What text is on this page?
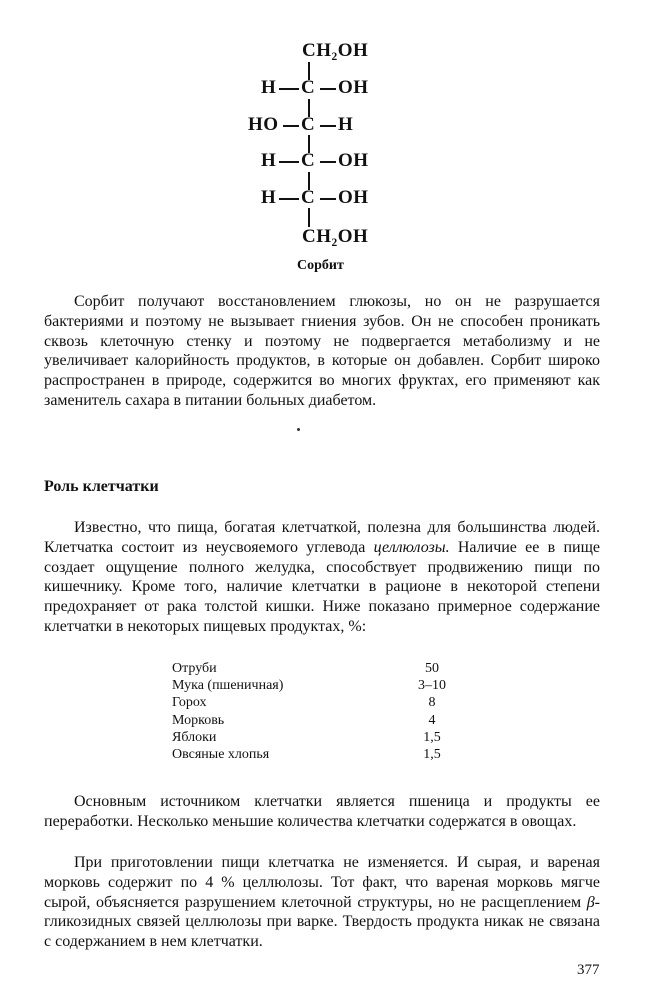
CH₂OH
H C OH
HO C H
H C OH
H C OH
CH₂OH
Сорбит

Сорбит получают восстановлением глюкозы, но он не разрушается бактериями и поэтому не вызывает гниения зубов. Он не способен проникать сквозь клеточную стенку и поэтому не подвергается метаболизму и не увеличивает калорийность продуктов, в которые он добавлен. Сорбит широко распространен в природе, содержится во многих фруктах, его применяют как заменитель сахара в питании больных диабетом.

Роль клетчатки

Известно, что пища, богатая клетчаткой, полезна для большинства людей. Клетчатка состоит из неусвояемого углевода целлюлозы. Наличие ее в пище создает ощущение полного желудка, способствует продвижению пищи по кишечнику. Кроме того, наличие клетчатки в рационе в некоторой степени предохраняет от рака толстой кишки. Ниже показано примерное содержание клетчатки в некоторых пищевых продуктах, %:

Отруби	50
Мука (пшеничная)	3–10
Горох	8
Морковь	4
Яблоки	1,5
Овсяные хлопья	1,5

Основным источником клетчатки является пшеница и продукты ее переработки. Несколько меньшие количества клетчатки содержатся в овощах.

При приготовлении пищи клетчатка не изменяется. И сырая, и вареная морковь содержит по 4 % целлюлозы. Тот факт, что вареная морковь мягче сырой, объясняется разрушением клеточной структуры, но не расщеплением β-гликозидных связей целлюлозы при варке. Твердость продукта никак не связана с содержанием в нем клетчатки.

377
